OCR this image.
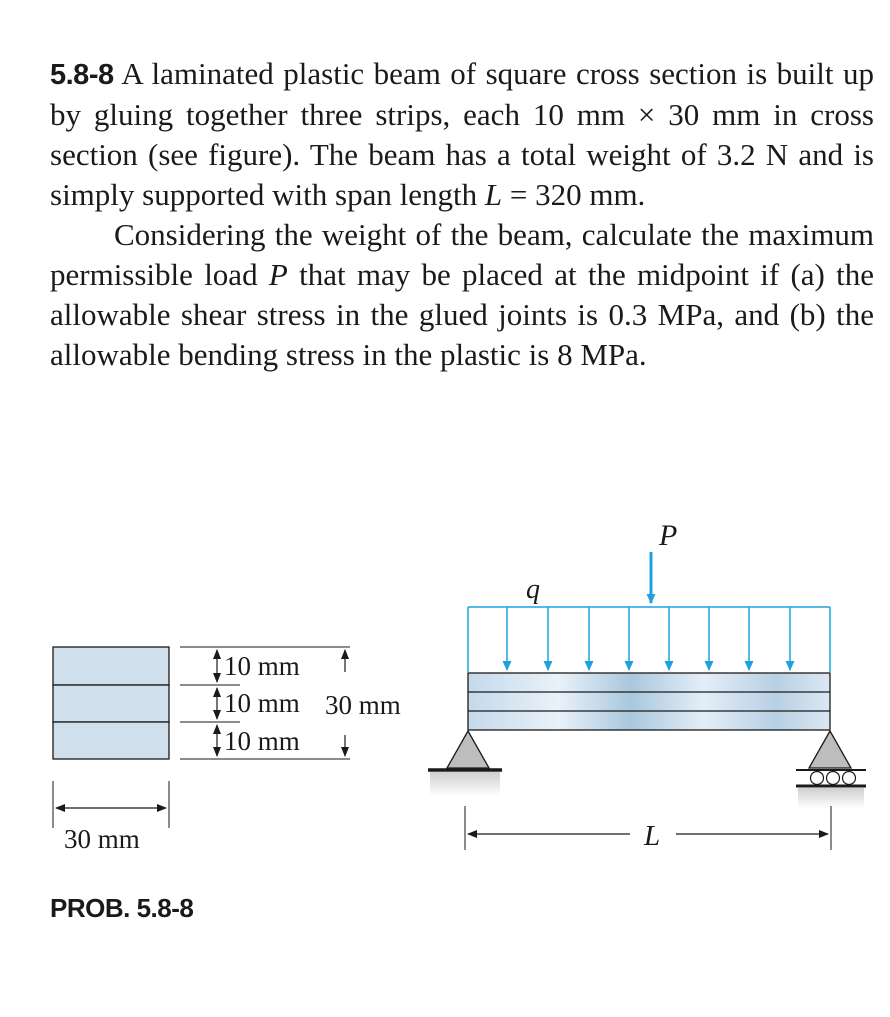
5.8-8 A laminated plastic beam of square cross section is built up by gluing together three strips, each 10 mm × 30 mm in cross section (see figure). The beam has a total weight of 3.2 N and is simply supported with span length L = 320 mm.

Considering the weight of the beam, calculate the maximum permissible load P that may be placed at the midpoint if (a) the allowable shear stress in the glued joints is 0.3 MPa, and (b) the allowable bending stress in the plastic is 8 MPa.

10 mm
10 mm
10 mm
30 mm
30 mm
P
q
L
PROB. 5.8-8
